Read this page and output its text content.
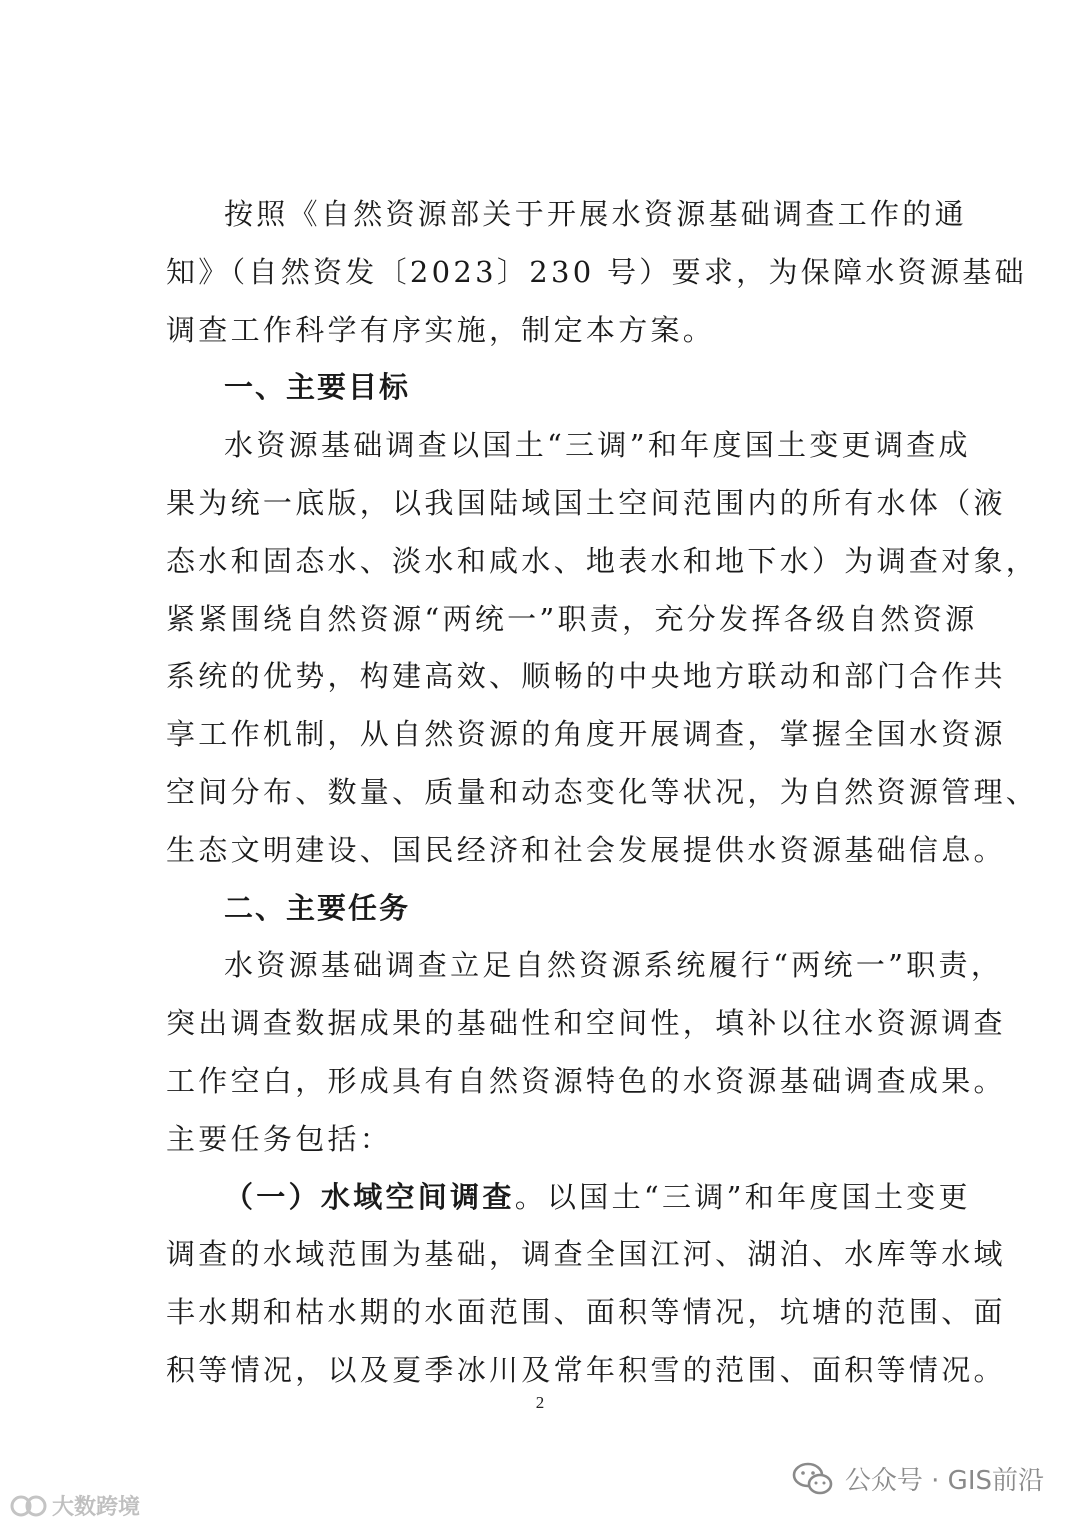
按照《自然资源部关于开展水资源基础调查工作的通
知》（自然资发〔2023〕230 号）要求，为保障水资源基础
调查工作科学有序实施，制定本方案。
一、主要目标
水资源基础调查以国土“三调”和年度国土变更调查成
果为统一底版，以我国陆域国土空间范围内的所有水体（液
态水和固态水、淡水和咸水、地表水和地下水）为调查对象，
紧紧围绕自然资源“两统一”职责，充分发挥各级自然资源
系统的优势，构建高效、顺畅的中央地方联动和部门合作共
享工作机制，从自然资源的角度开展调查，掌握全国水资源
空间分布、数量、质量和动态变化等状况，为自然资源管理、
生态文明建设、国民经济和社会发展提供水资源基础信息。
二、主要任务
水资源基础调查立足自然资源系统履行“两统一”职责，
突出调查数据成果的基础性和空间性，填补以往水资源调查
工作空白，形成具有自然资源特色的水资源基础调查成果。
主要任务包括：
（一）水域空间调查。以国土“三调”和年度国土变更
调查的水域范围为基础，调查全国江河、湖泊、水库等水域
丰水期和枯水期的水面范围、面积等情况，坑塘的范围、面
积等情况，以及夏季冰川及常年积雪的范围、面积等情况。
2
大数跨境
公众号 · GIS前沿
